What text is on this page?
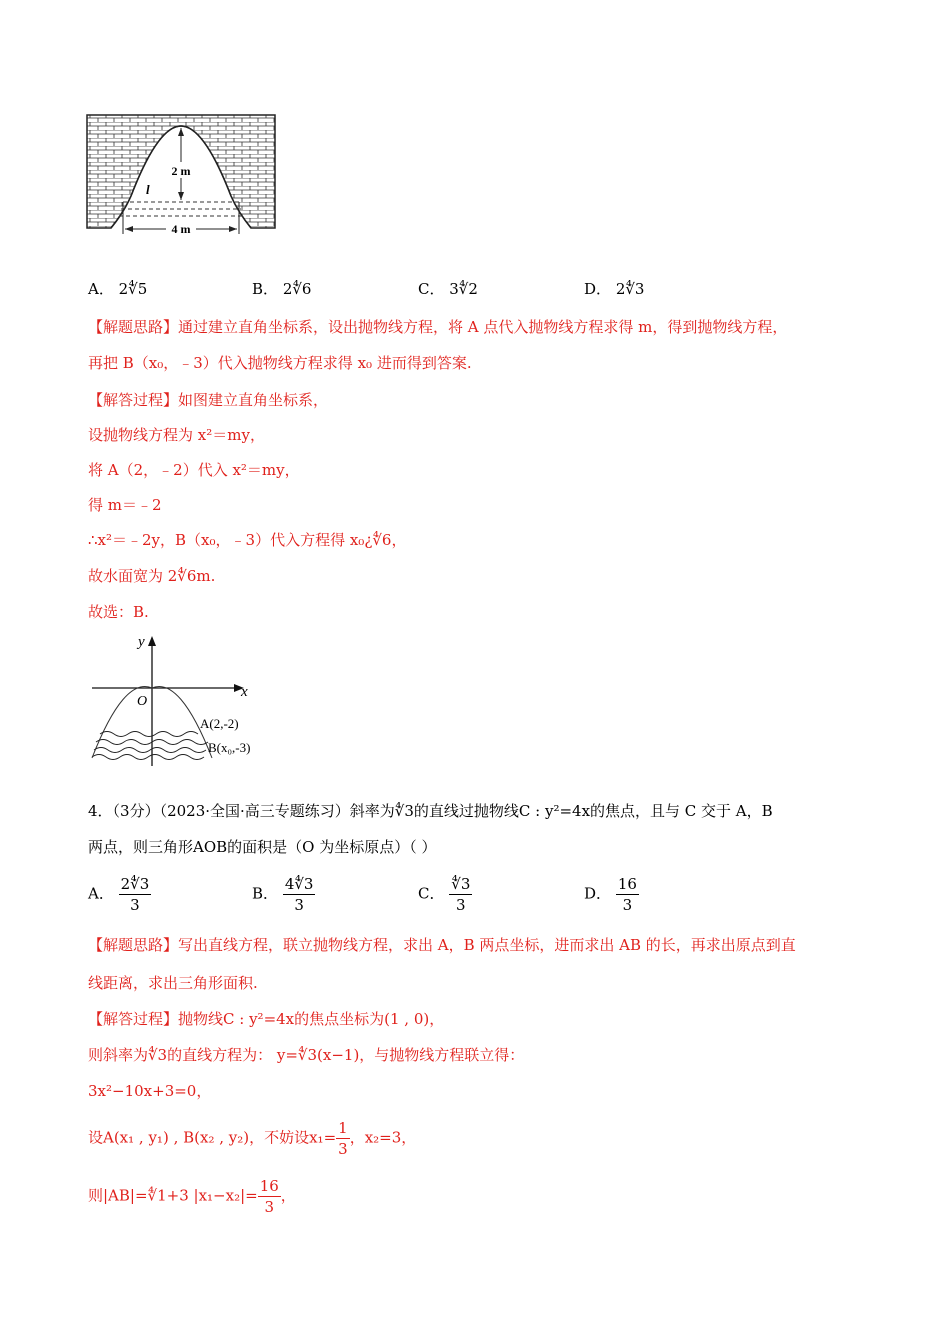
2 m
l
4 m
A． 2∜5	B． 2∜6	C． 3∜2	D． 2∜3
【解题思路】通过建立直角坐标系，设出抛物线方程，将 A 点代入抛物线方程求得 m，得到抛物线方程，
再把 B（x₀，﹣3）代入抛物线方程求得 x₀ 进而得到答案.
【解答过程】如图建立直角坐标系，
设抛物线方程为 x²＝my，
将 A（2，﹣2）代入 x²＝my，
得 m＝﹣2
∴x²＝﹣2y，B（x₀，﹣3）代入方程得 x₀¿∜6，
故水面宽为 2∜6m.
故选：B.
y
x
O
A(2,-2)
B(x₀,-3)
4．（3分）（2023·全国·高三专题练习）斜率为∜3的直线过抛物线C : y²=4x的焦点，且与 C 交于 A，B
两点，则三角形AOB的面积是（O 为坐标原点）（ ）
A． $\frac{2∜3}{3}$	B． $\frac{4∜3}{3}$	C． $\frac{∜3}{3}$	D． $\frac{16}{3}$
【解题思路】写出直线方程，联立抛物线方程，求出 A，B 两点坐标，进而求出 AB 的长，再求出原点到直
线距离，求出三角形面积.
【解答过程】抛物线C : y²=4x的焦点坐标为(1 , 0)，
则斜率为∜3的直线方程为： y=∜3(x−1)，与抛物线方程联立得：
3x²−10x+3=0，
设A(x₁ , y₁) , B(x₂ , y₂)，不妨设$x_1= \frac{1}{3}$ ，x₂=3，
则|AB|=∜1+3 $|x_1-x_2|= \frac{16}{3}$ ，
